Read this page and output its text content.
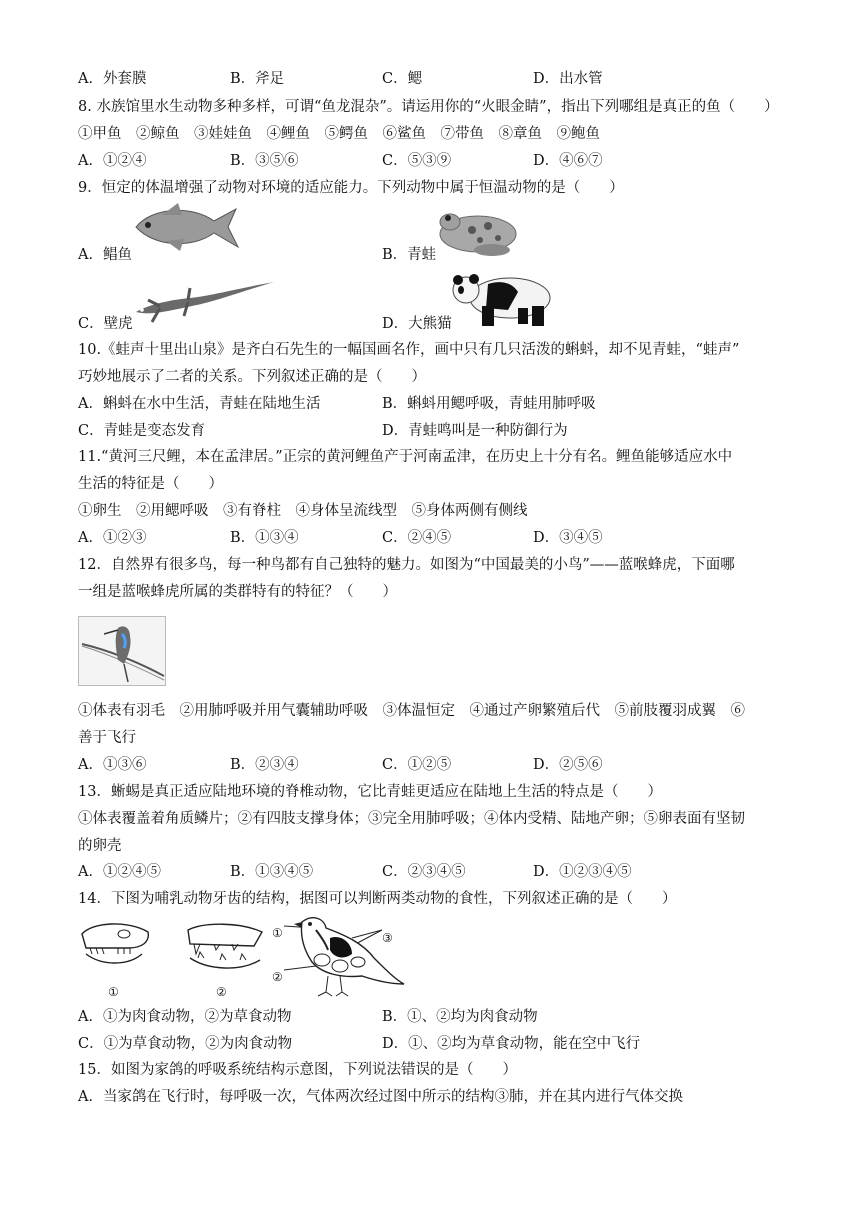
A．外套膜	B．斧足	C．鳃	D．出水管
8. 水族馆里水生动物多种多样，可谓“鱼龙混杂”。请运用你的“火眼金睛”，指出下列哪组是真正的鱼（　　）
①甲鱼　②鲸鱼　③娃娃鱼　④鲤鱼　⑤鳄鱼　⑥鲨鱼　⑦带鱼　⑧章鱼　⑨鲍鱼
A．①②④	B．③⑤⑥	C．⑤③⑨	D．④⑥⑦
9．恒定的体温增强了动物对环境的适应能力。下列动物中属于恒温动物的是（　　）
A．鲳鱼	B．青蛙
C．壁虎	D．大熊猫
10.《蛙声十里出山泉》是齐白石先生的一幅国画名作，画中只有几只活泼的蝌蚪，却不见青蛙，“蛙声”
巧妙地展示了二者的关系。下列叙述正确的是（　　）
A．蝌蚪在水中生活，青蛙在陆地生活	B．蝌蚪用鳃呼吸，青蛙用肺呼吸
C．青蛙是变态发育	D．青蛙鸣叫是一种防御行为
11.“黄河三尺鲤，本在孟津居。”正宗的黄河鲤鱼产于河南孟津，在历史上十分有名。鲤鱼能够适应水中
生活的特征是（　　）
①卵生　②用鳃呼吸　③有脊柱　④身体呈流线型　⑤身体两侧有侧线
A．①②③	B．①③④	C．②④⑤	D．③④⑤
12．自然界有很多鸟，每一种鸟都有自己独特的魅力。如图为“中国最美的小鸟”——蓝喉蜂虎，下面哪
一组是蓝喉蜂虎所属的类群特有的特征？（　　）
①体表有羽毛　②用肺呼吸并用气囊辅助呼吸　③体温恒定　④通过产卵繁殖后代　⑤前肢覆羽成翼　⑥
善于飞行
A．①③⑥	B．②③④	C．①②⑤	D．②⑤⑥
13．蜥蜴是真正适应陆地环境的脊椎动物，它比青蛙更适应在陆地上生活的特点是（　　）
①体表覆盖着角质鳞片；②有四肢支撑身体；③完全用肺呼吸；④体内受精、陆地产卵；⑤卵表面有坚韧
的卵壳
A．①②④⑤	B．①③④⑤	C．②③④⑤	D．①②③④⑤
14．下图为哺乳动物牙齿的结构，据图可以判断两类动物的食性，下列叙述正确的是（　　）
①	②
①
②
③
A．①为肉食动物，②为草食动物	B．①、②均为肉食动物
C．①为草食动物，②为肉食动物	D．①、②均为草食动物，能在空中飞行
15．如图为家鸽的呼吸系统结构示意图，下列说法错误的是（　　）
A．当家鸽在飞行时，每呼吸一次，气体两次经过图中所示的结构③肺，并在其内进行气体交换
